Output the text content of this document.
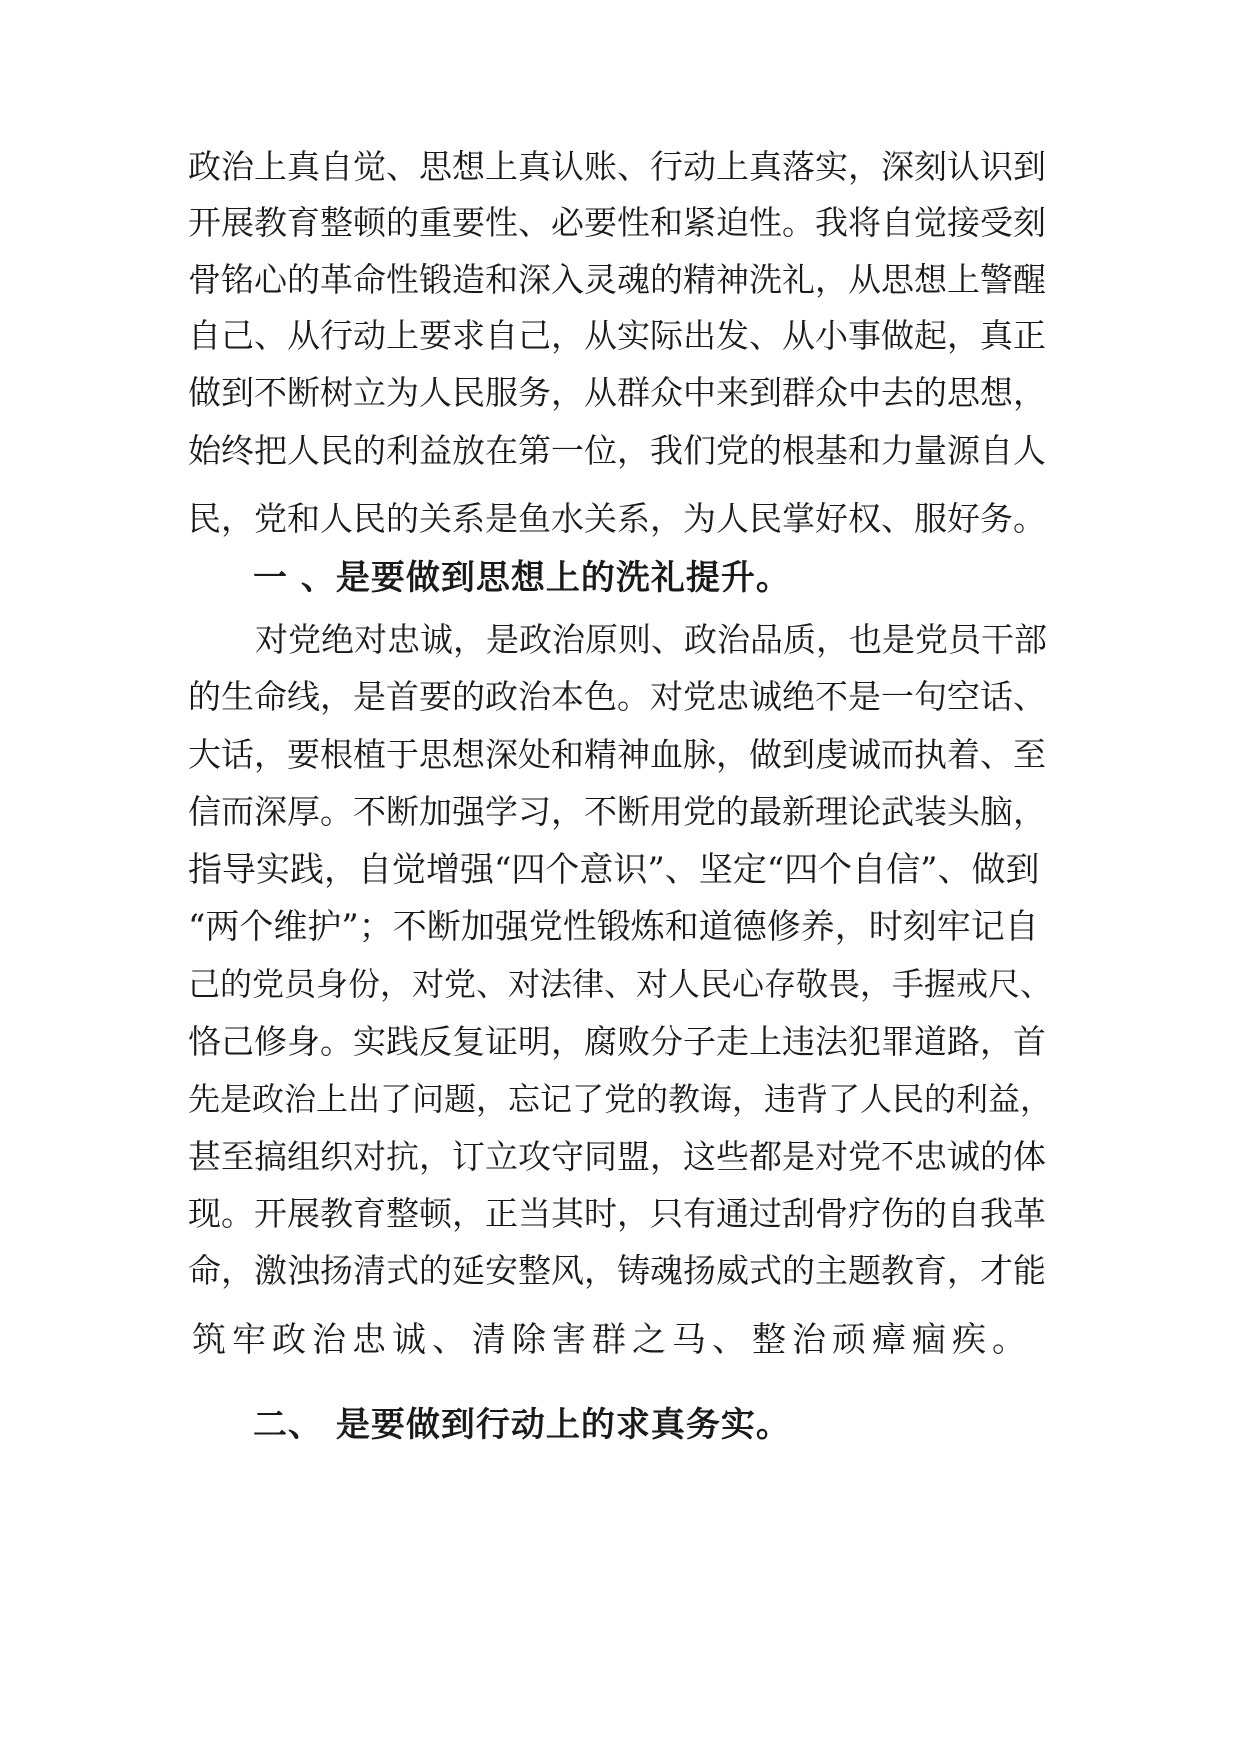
政治上真自觉、思想上真认账、行动上真落实，深刻认识到
开展教育整顿的重要性、必要性和紧迫性。我将自觉接受刻
骨铭心的革命性锻造和深入灵魂的精神洗礼，从思想上警醒
自己、从行动上要求自己，从实际出发、从小事做起，真正
做到不断树立为人民服务，从群众中来到群众中去的思想，
始终把人民的利益放在第一位，我们党的根基和力量源自人
民，党和人民的关系是鱼水关系，为人民掌好权、服好务。
一 、是要做到思想上的洗礼提升。
对党绝对忠诚，是政治原则、政治品质，也是党员干部
的生命线，是首要的政治本色。对党忠诚绝不是一句空话、
大话，要根植于思想深处和精神血脉，做到虔诚而执着、至
信而深厚。不断加强学习，不断用党的最新理论武装头脑，
指导实践，自觉增强“四个意识”、坚定“四个自信”、做到
“两个维护”；不断加强党性锻炼和道德修养，时刻牢记自
己的党员身份，对党、对法律、对人民心存敬畏，手握戒尺、
恪己修身。实践反复证明，腐败分子走上违法犯罪道路，首
先是政治上出了问题，忘记了党的教诲，违背了人民的利益，
甚至搞组织对抗，订立攻守同盟，这些都是对党不忠诚的体
现。开展教育整顿，正当其时，只有通过刮骨疗伤的自我革
命，激浊扬清式的延安整风，铸魂扬威式的主题教育，才能
筑牢政治忠诚、清除害群之马、整治顽瘴痼疾。
二、 是要做到行动上的求真务实。
